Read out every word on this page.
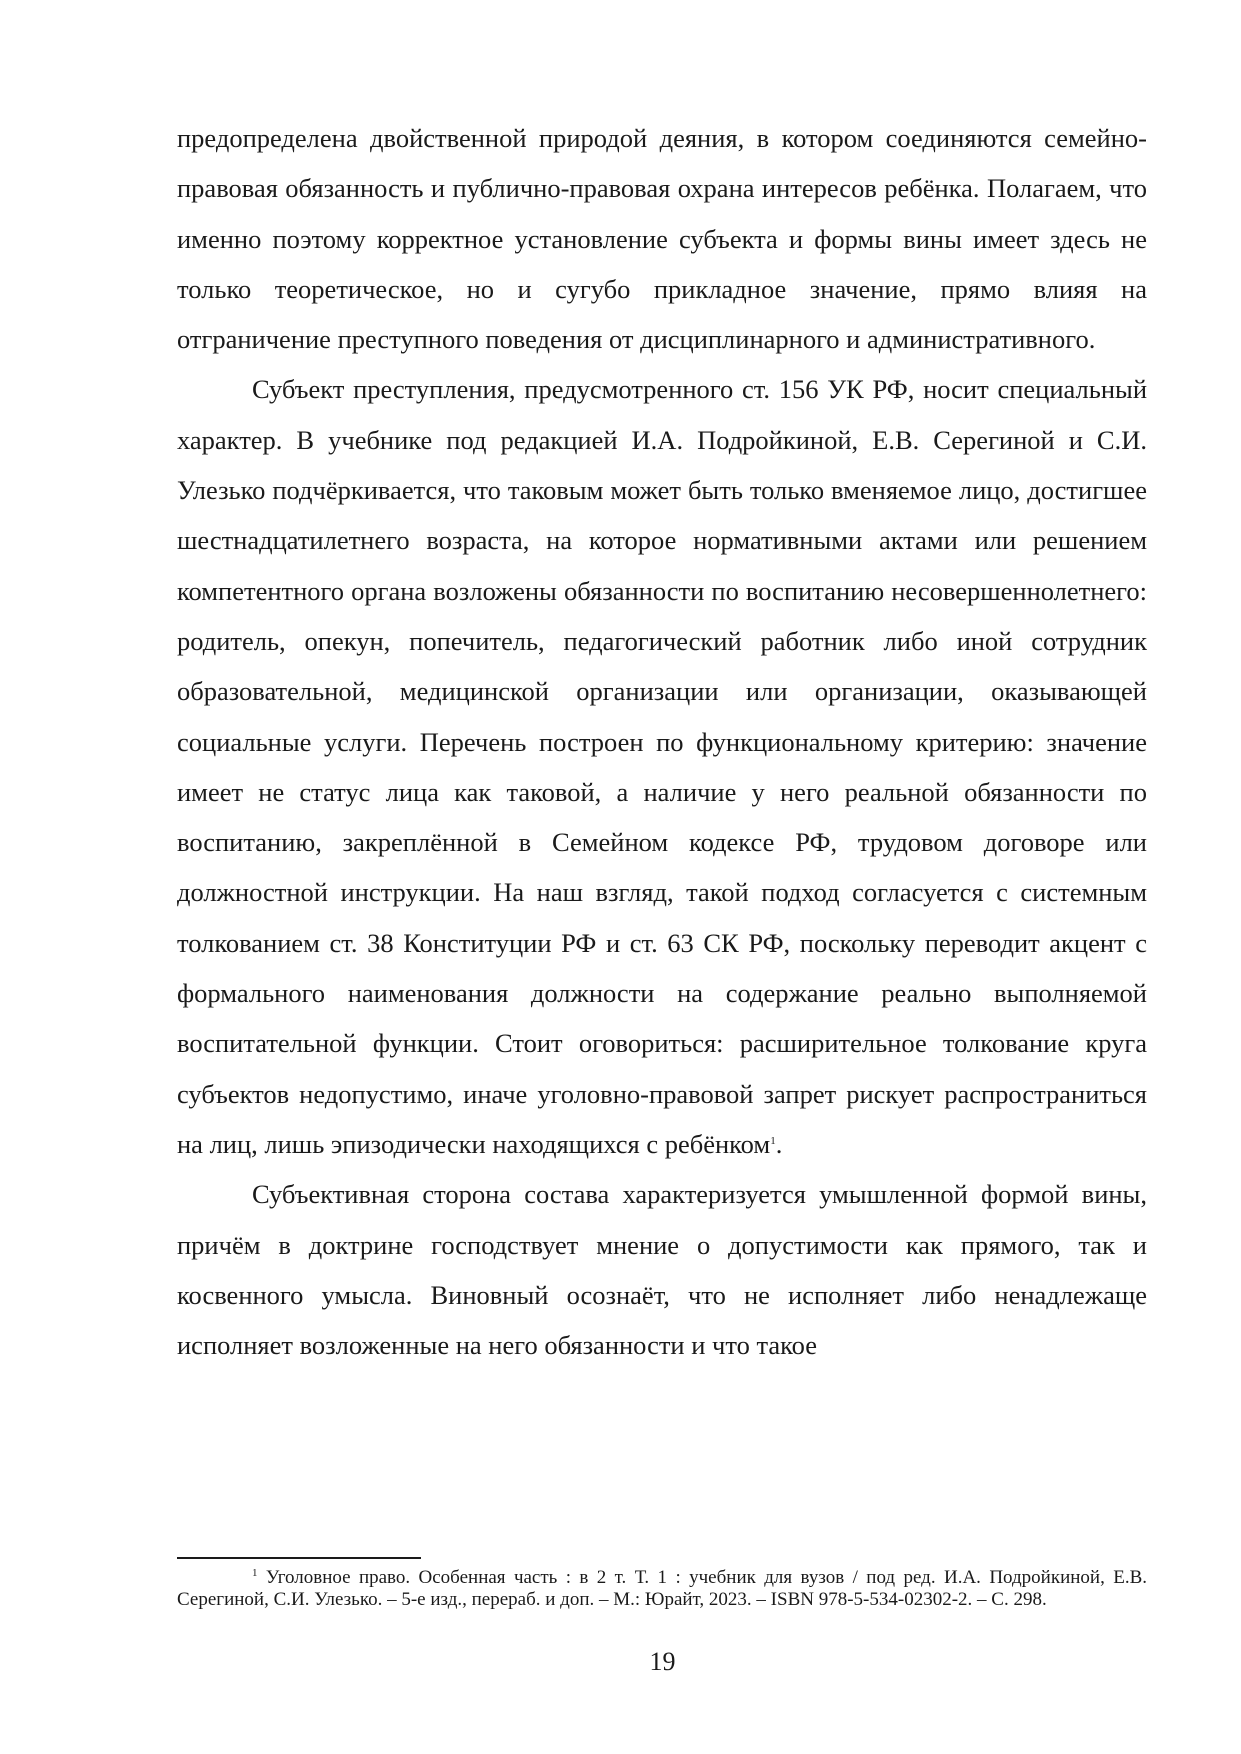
предопределена двойственной природой деяния, в котором соединяются семейно-правовая обязанность и публично-правовая охрана интересов ребёнка. Полагаем, что именно поэтому корректное установление субъекта и формы вины имеет здесь не только теоретическое, но и сугубо прикладное значение, прямо влияя на отграничение преступного поведения от дисциплинарного и административного.

Субъект преступления, предусмотренного ст. 156 УК РФ, носит специальный характер. В учебнике под редакцией И.А. Подройкиной, Е.В. Серегиной и С.И. Улезько подчёркивается, что таковым может быть только вменяемое лицо, достигшее шестнадцатилетнего возраста, на которое нормативными актами или решением компетентного органа возложены обязанности по воспитанию несовершеннолетнего: родитель, опекун, попечитель, педагогический работник либо иной сотрудник образовательной, медицинской организации или организации, оказывающей социальные услуги. Перечень построен по функциональному критерию: значение имеет не статус лица как таковой, а наличие у него реальной обязанности по воспитанию, закреплённой в Семейном кодексе РФ, трудовом договоре или должностной инструкции. На наш взгляд, такой подход согласуется с системным толкованием ст. 38 Конституции РФ и ст. 63 СК РФ, поскольку переводит акцент с формального наименования должности на содержание реально выполняемой воспитательной функции. Стоит оговориться: расширительное толкование круга субъектов недопустимо, иначе уголовно-правовой запрет рискует распространиться на лиц, лишь эпизодически находящихся с ребёнком$^1$.

Субъективная сторона состава характеризуется умышленной формой вины, причём в доктрине господствует мнение о допустимости как прямого, так и косвенного умысла. Виновный осознаёт, что не исполняет либо ненадлежаще исполняет возложенные на него обязанности и что такое

$^1$ Уголовное право. Особенная часть : в 2 т. Т. 1 : учебник для вузов / под ред. И.А. Подройкиной, Е.В. Серегиной, С.И. Улезько. – 5-е изд., перераб. и доп. – М.: Юрайт, 2023. – ISBN 978-5-534-02302-2. – С. 298.

19
